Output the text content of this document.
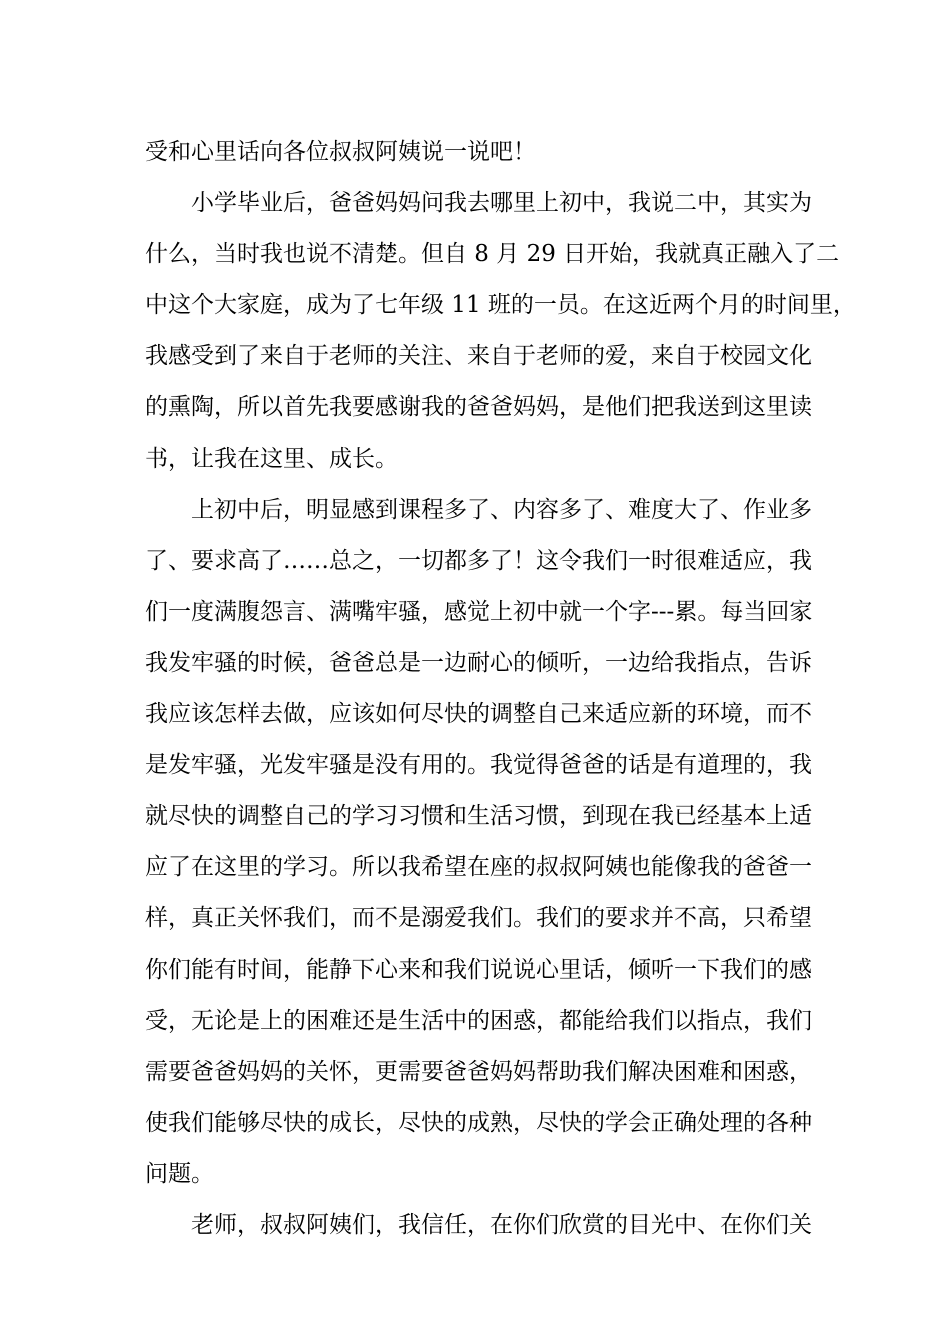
受和心里话向各位叔叔阿姨说一说吧！
小学毕业后，爸爸妈妈问我去哪里上初中，我说二中，其实为
什么，当时我也说不清楚。但自 8 月 29 日开始，我就真正融入了二
中这个大家庭，成为了七年级 11 班的一员。在这近两个月的时间里，
我感受到了来自于老师的关注、来自于老师的爱，来自于校园文化
的熏陶，所以首先我要感谢我的爸爸妈妈，是他们把我送到这里读
书，让我在这里、成长。
上初中后，明显感到课程多了、内容多了、难度大了、作业多
了、要求高了……总之，一切都多了！这令我们一时很难适应，我
们一度满腹怨言、满嘴牢骚，感觉上初中就一个字---累。每当回家
我发牢骚的时候，爸爸总是一边耐心的倾听，一边给我指点，告诉
我应该怎样去做，应该如何尽快的调整自己来适应新的环境，而不
是发牢骚，光发牢骚是没有用的。我觉得爸爸的话是有道理的，我
就尽快的调整自己的学习习惯和生活习惯，到现在我已经基本上适
应了在这里的学习。所以我希望在座的叔叔阿姨也能像我的爸爸一
样，真正关怀我们，而不是溺爱我们。我们的要求并不高，只希望
你们能有时间，能静下心来和我们说说心里话，倾听一下我们的感
受，无论是上的困难还是生活中的困惑，都能给我们以指点，我们
需要爸爸妈妈的关怀，更需要爸爸妈妈帮助我们解决困难和困惑，
使我们能够尽快的成长，尽快的成熟，尽快的学会正确处理的各种
问题。
老师，叔叔阿姨们，我信任，在你们欣赏的目光中、在你们关
